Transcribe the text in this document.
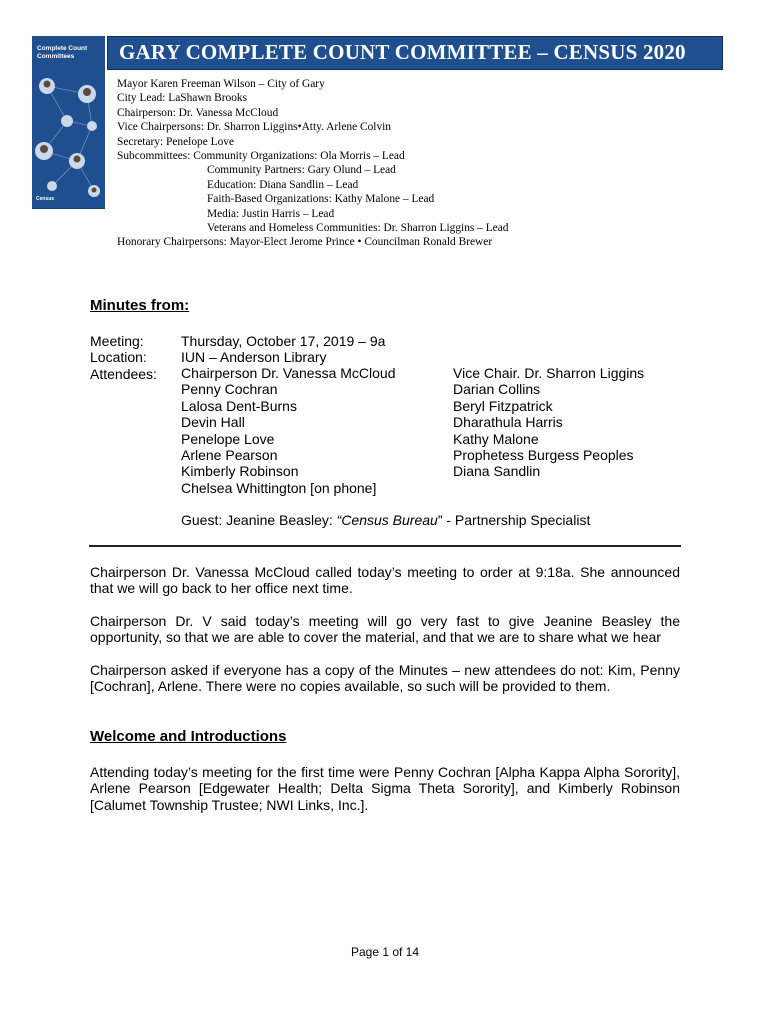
Complete Count Committees
Census
GARY COMPLETE COUNT COMMITTEE – CENSUS 2020
Mayor Karen Freeman Wilson – City of Gary
City Lead: LaShawn Brooks
Chairperson: Dr. Vanessa McCloud
Vice Chairpersons: Dr. Sharron Liggins•Atty. Arlene Colvin
Secretary: Penelope Love
Subcommittees: Community Organizations: Ola Morris – Lead
Community Partners: Gary Olund – Lead
Education: Diana Sandlin – Lead
Faith-Based Organizations: Kathy Malone – Lead
Media: Justin Harris – Lead
Veterans and Homeless Communities: Dr. Sharron Liggins – Lead
Honorary Chairpersons: Mayor-Elect Jerome Prince • Councilman Ronald Brewer
Minutes from:
Meeting:	Thursday, October 17, 2019 – 9a
Location: IUN – Anderson Library
Attendees: Chairperson Dr. Vanessa McCloud
Penny Cochran
Lalosa Dent-Burns
Devin Hall
Penelope Love
Arlene Pearson
Kimberly Robinson
Chelsea Whittington [on phone]
Vice Chair. Dr. Sharron Liggins
Darian Collins
Beryl Fitzpatrick
Dharathula Harris
Kathy Malone
Prophetess Burgess Peoples
Diana Sandlin
Guest: Jeanine Beasley: “Census Bureau” - Partnership Specialist

Chairperson Dr. Vanessa McCloud called today’s meeting to order at 9:18a. She announced that we will go back to her office next time.

Chairperson Dr. V said today’s meeting will go very fast to give Jeanine Beasley the opportunity, so that we are able to cover the material, and that we are to share what we hear

Chairperson asked if everyone has a copy of the Minutes – new attendees do not: Kim, Penny [Cochran], Arlene. There were no copies available, so such will be provided to them.

Welcome and Introductions

Attending today’s meeting for the first time were Penny Cochran [Alpha Kappa Alpha Sorority], Arlene Pearson [Edgewater Health; Delta Sigma Theta Sorority], and Kimberly Robinson [Calumet Township Trustee; NWI Links, Inc.].

Page 1 of 14
